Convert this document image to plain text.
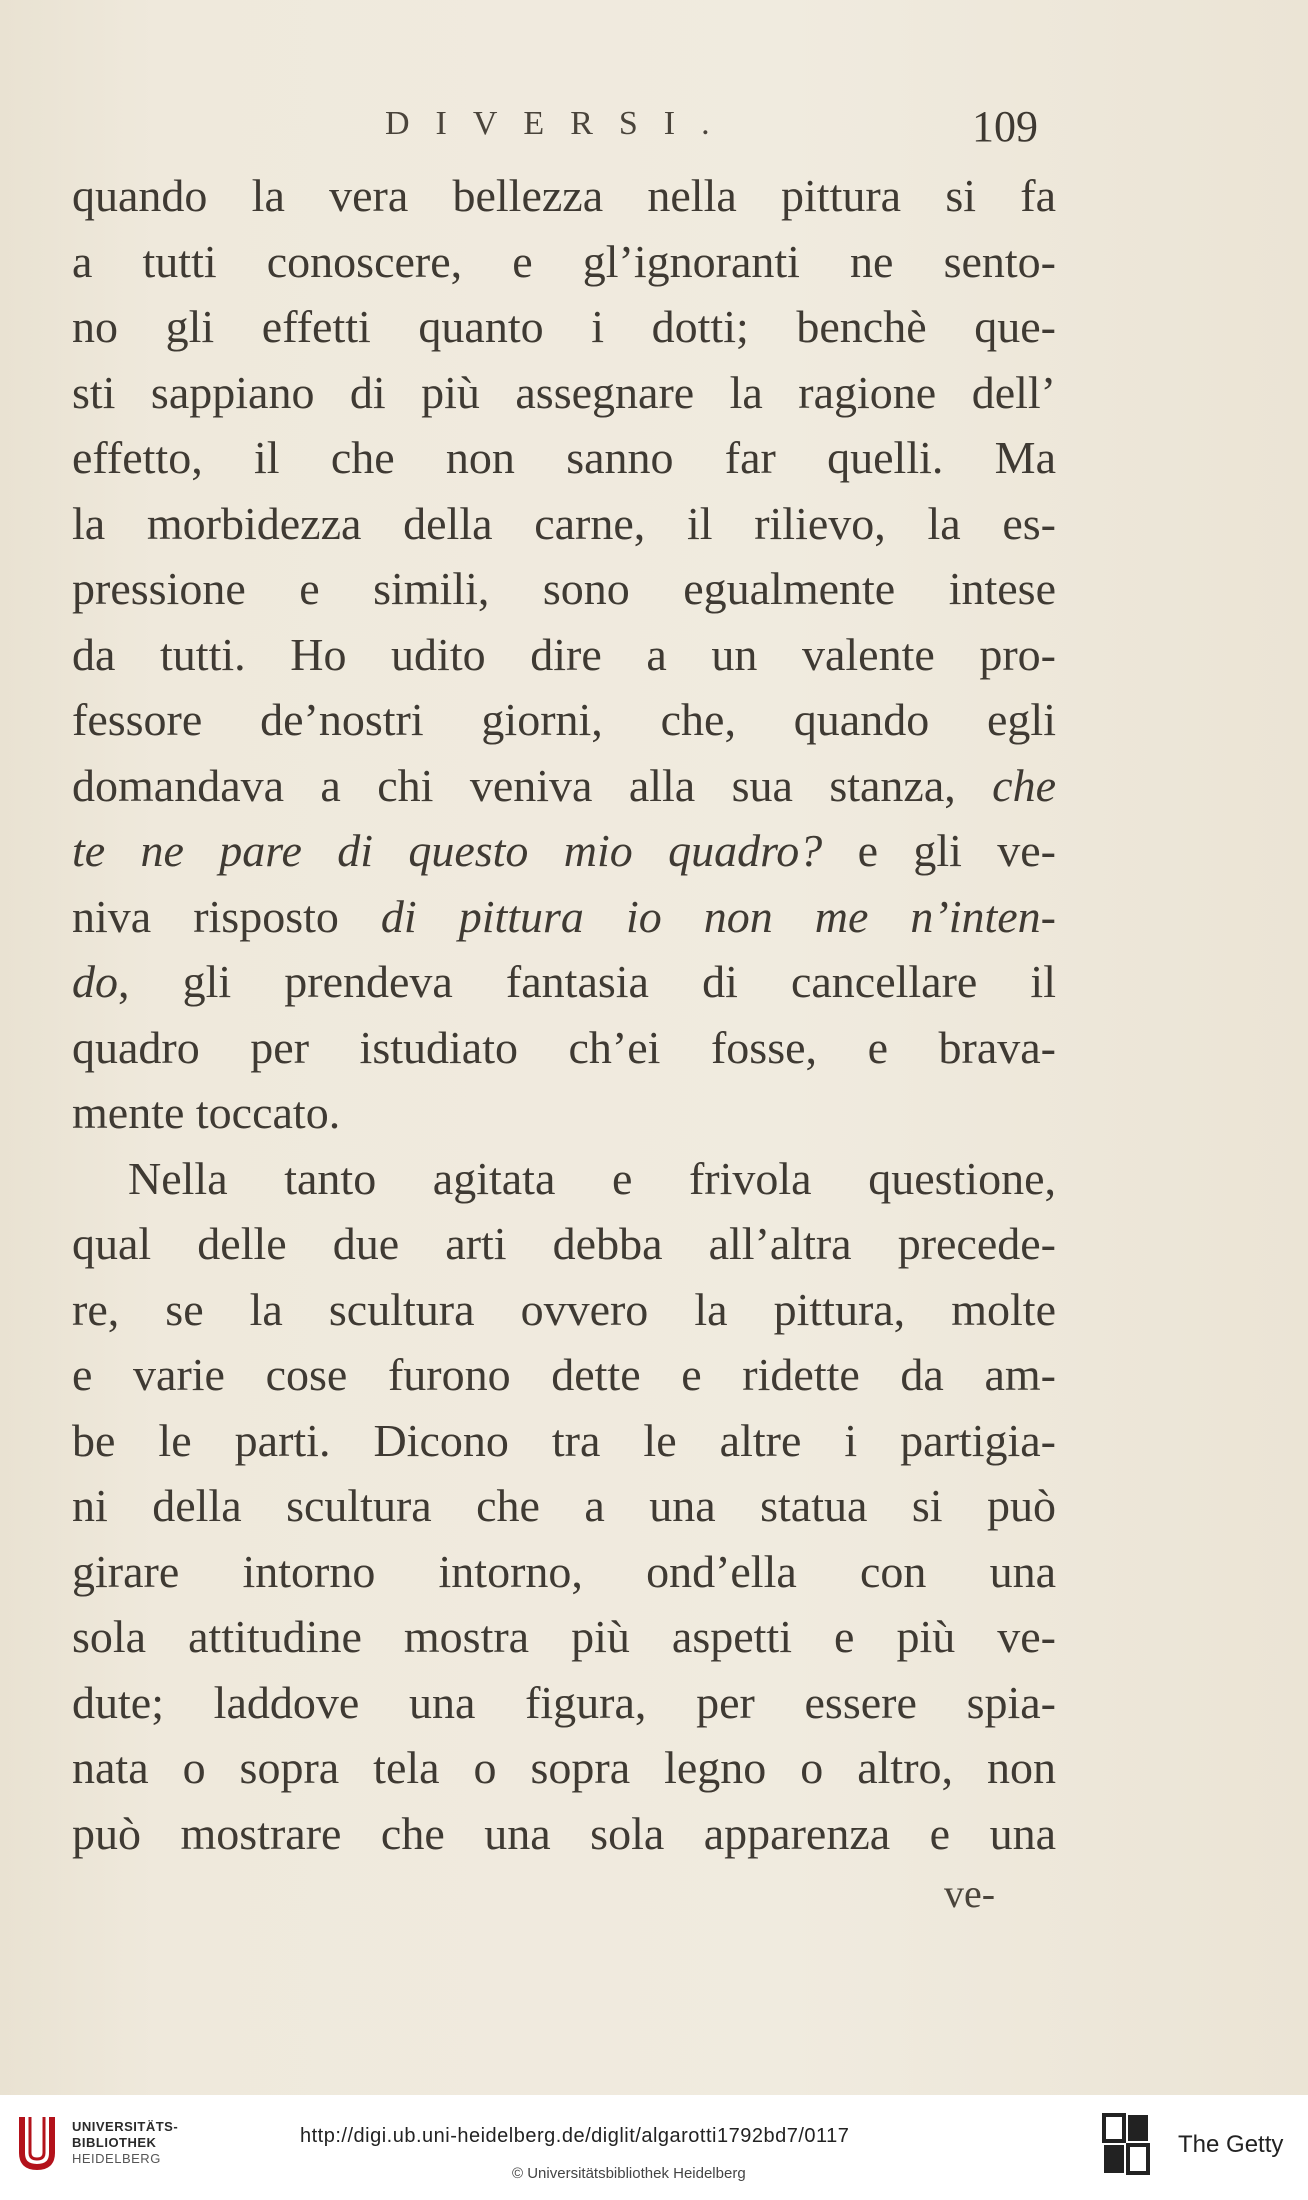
DIVERSI.	109
quando la vera bellezza nella pittura si fa
a tutti conoscere, e gl’ignoranti ne sento-
no gli effetti quanto i dotti; benchè que-
sti sappiano di più assegnare la ragione dell’
effetto, il che non sanno far quelli. Ma
la morbidezza della carne, il rilievo, la es-
pressione e simili, sono egualmente intese
da tutti. Ho udito dire a un valente pro-
fessore de’nostri giorni, che, quando egli
domandava a chi veniva alla sua stanza, che
te ne pare di questo mio quadro? e gli ve-
niva risposto di pittura io non me n’inten-
do, gli prendeva fantasia di cancellare il
quadro per istudiato ch’ei fosse, e brava-
mente toccato.
Nella tanto agitata e frivola questione,
qual delle due arti debba all’altra precede-
re, se la scultura ovvero la pittura, molte
e varie cose furono dette e ridette da am-
be le parti. Dicono tra le altre i partigia-
ni della scultura che a una statua si può
girare intorno intorno, ond’ella con una
sola attitudine mostra più aspetti e più ve-
dute; laddove una figura, per essere spia-
nata o sopra tela o sopra legno o altro, non
può mostrare che una sola apparenza e una
ve-
UNIVERSITÄTS-
BIBLIOTHEK
HEIDELBERG
http://digi.ub.uni-heidelberg.de/diglit/algarotti1792bd7/0117
© Universitätsbibliothek Heidelberg
The Getty
